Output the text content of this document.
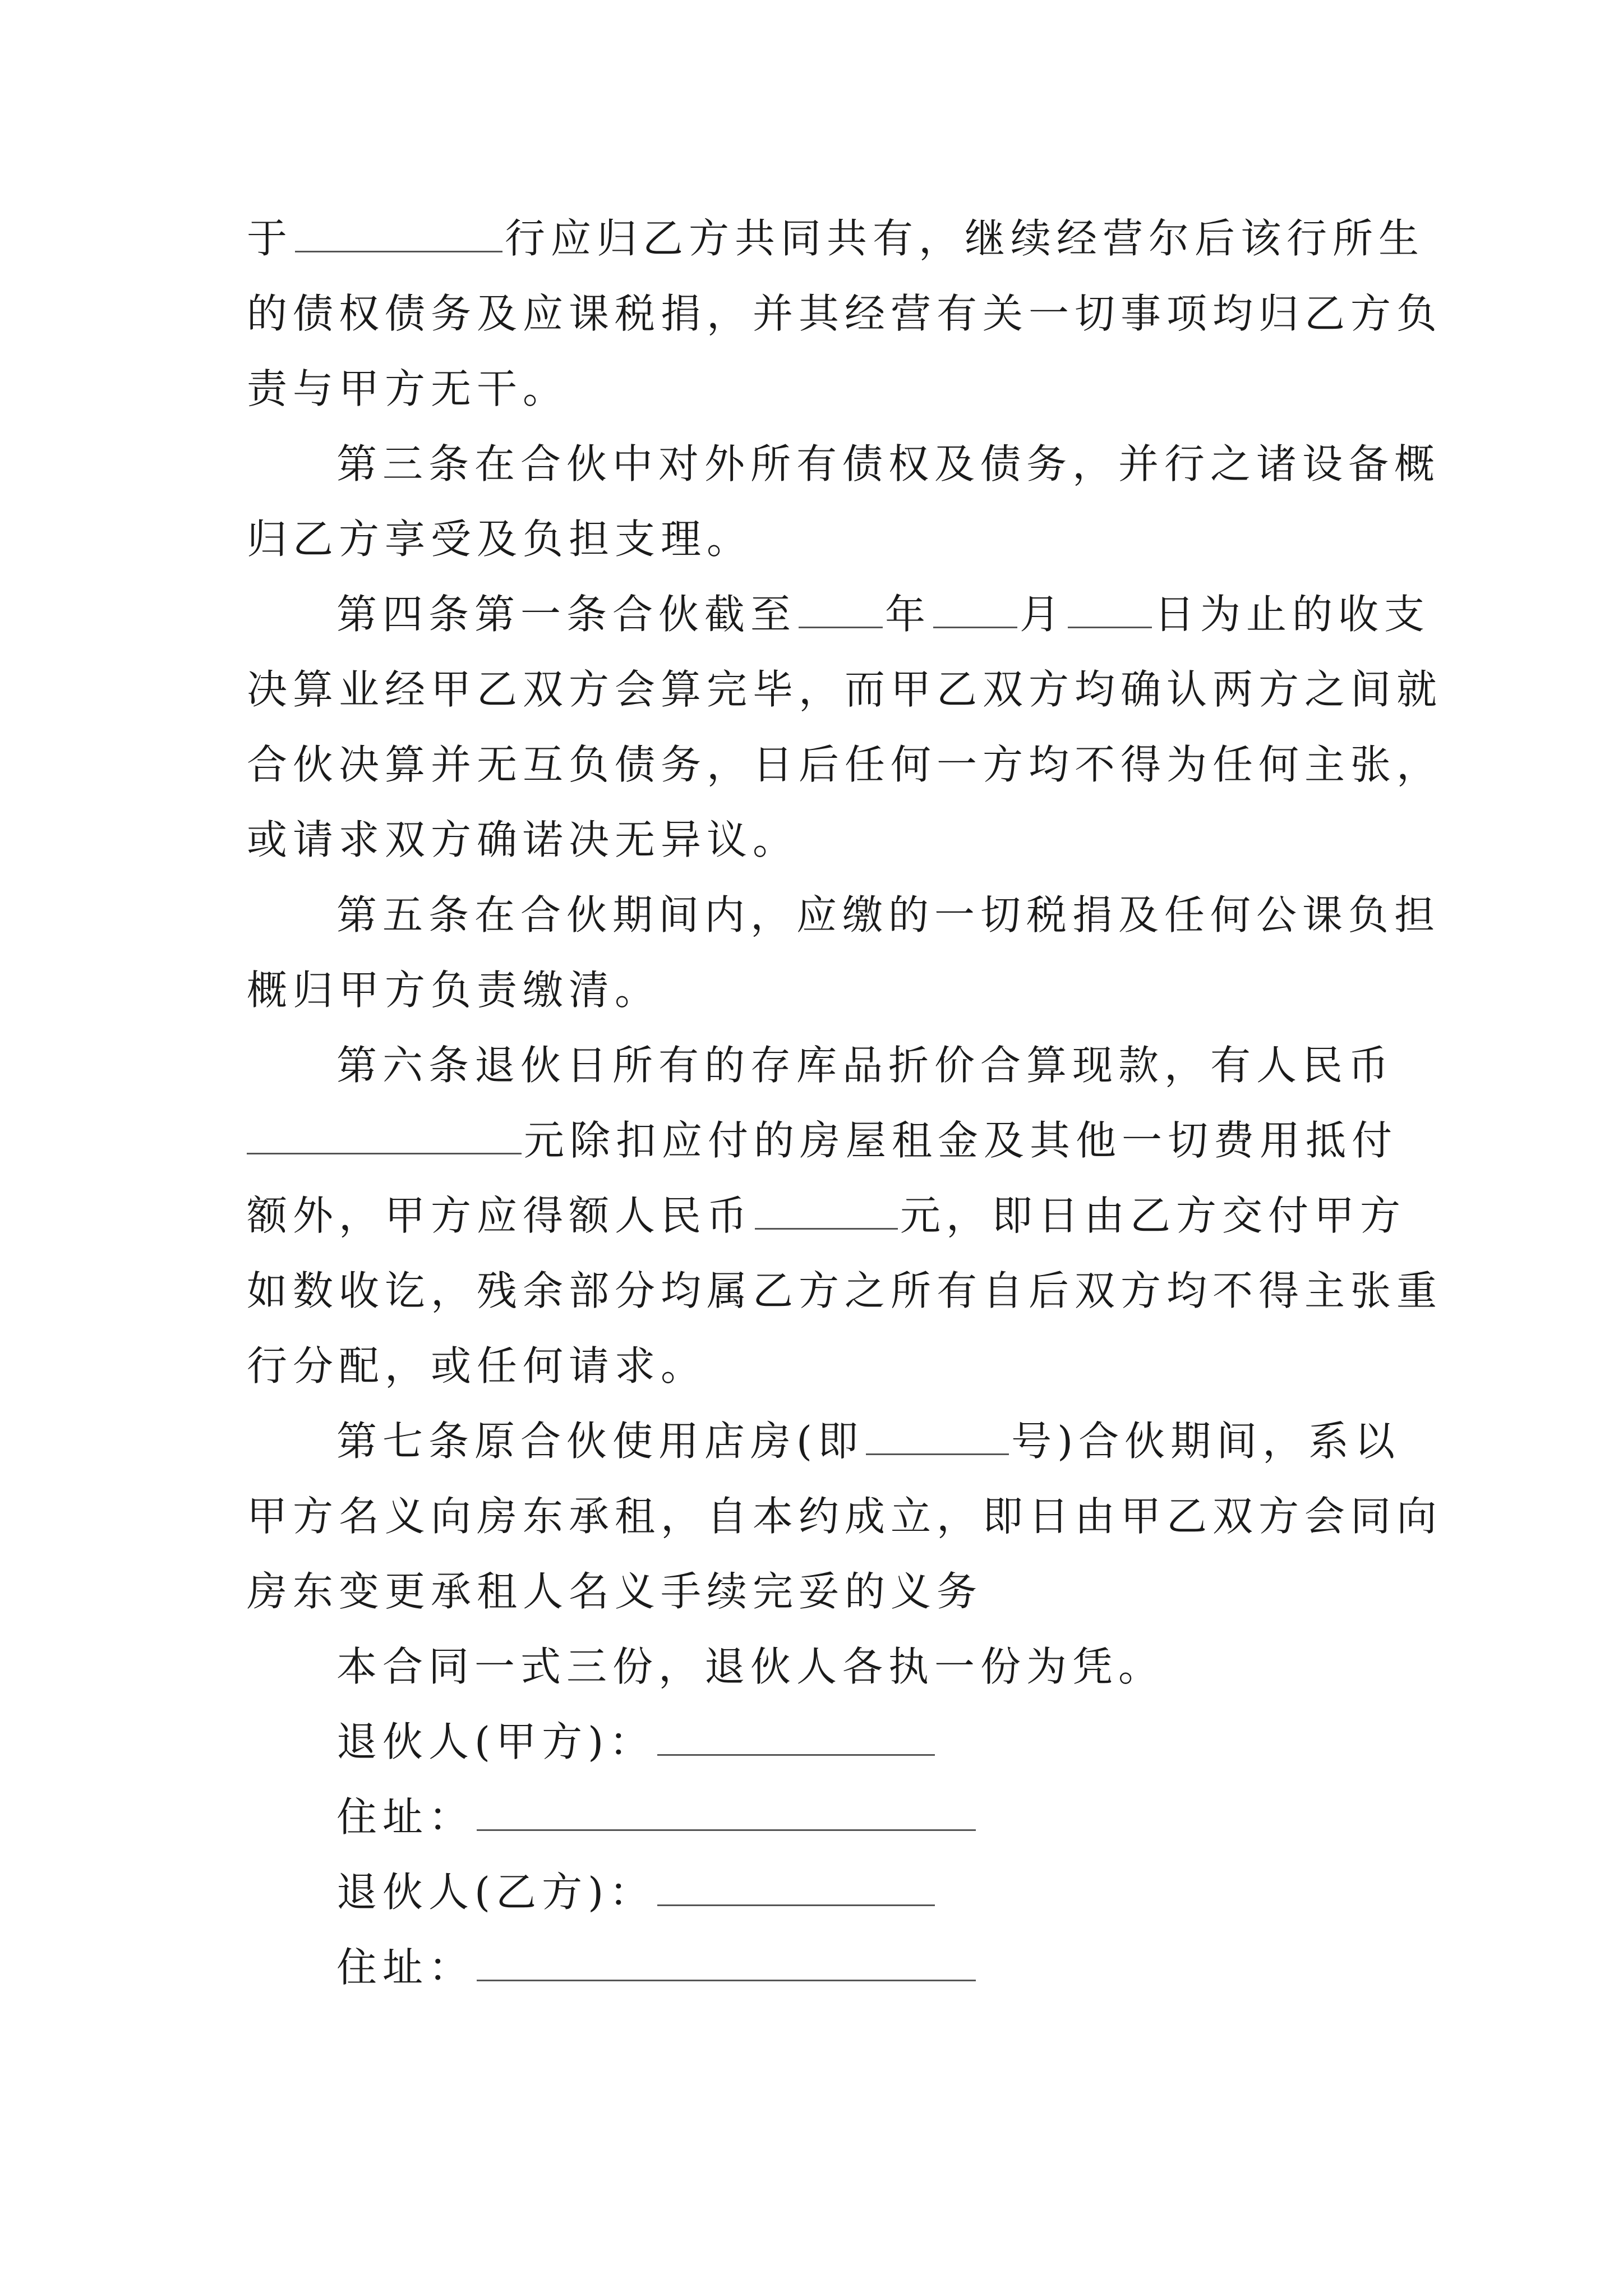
于	行应归乙方共同共有，继续经营尔后该行所生
的债权债务及应课税捐，并其经营有关一切事项均归乙方负
责与甲方无干。
第三条在合伙中对外所有债权及债务，并行之诸设备概
归乙方享受及负担支理。
第四条第一条合伙截至 年 月 日为止的收支
决算业经甲乙双方会算完毕，而甲乙双方均确认两方之间就
合伙决算并无互负债务，日后任何一方均不得为任何主张，
或请求双方确诺决无异议。
第五条在合伙期间内，应缴的一切税捐及任何公课负担
概归甲方负责缴清。
第六条退伙日所有的存库品折价合算现款，有人民币
元除扣应付的房屋租金及其他一切费用抵付
额外，甲方应得额人民币	元，即日由乙方交付甲方
如数收讫，残余部分均属乙方之所有自后双方均不得主张重
行分配，或任何请求。
第七条原合伙使用店房(即	号)合伙期间，系以
甲方名义向房东承租，自本约成立，即日由甲乙双方会同向
房东变更承租人名义手续完妥的义务
本合同一式三份，退伙人各执一份为凭。
退伙人(甲方)：
住址：
退伙人(乙方)：
住址：
